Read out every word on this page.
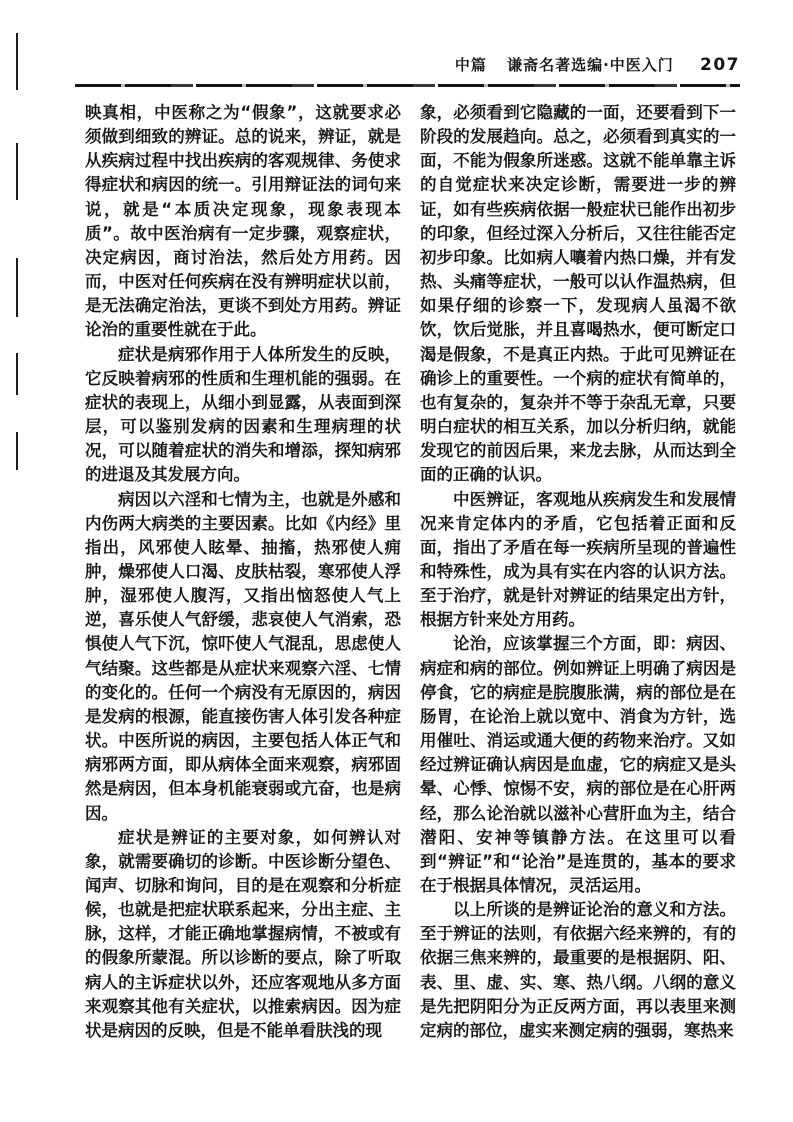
中篇 谦斋名著选编·中医入门 207

映真相，中医称之为“假象”，这就要求必须做到细致的辨证。总的说来，辨证，就是从疾病过程中找出疾病的客观规律、务使求得症状和病因的统一。引用辩证法的词句来说，就是“本质决定现象，现象表现本质”。故中医治病有一定步骤，观察症状，决定病因，商讨治法，然后处方用药。因而，中医对任何疾病在没有辨明症状以前，是无法确定治法，更谈不到处方用药。辨证论治的重要性就在于此。

症状是病邪作用于人体所发生的反映，它反映着病邪的性质和生理机能的强弱。在症状的表现上，从细小到显露，从表面到深层，可以鉴别发病的因素和生理病理的状况，可以随着症状的消失和增添，探知病邪的进退及其发展方向。

病因以六淫和七情为主，也就是外感和内伤两大病类的主要因素。比如《内经》里指出，风邪使人眩晕、抽搐，热邪使人痈肿，燥邪使人口渴、皮肤枯裂，寒邪使人浮肿，湿邪使人腹泻，又指出恼怒使人气上逆，喜乐使人气舒缓，悲哀使人气消索，恐惧使人气下沉，惊吓使人气混乱，思虑使人气结聚。这些都是从症状来观察六淫、七情的变化的。任何一个病没有无原因的，病因是发病的根源，能直接伤害人体引发各种症状。中医所说的病因，主要包括人体正气和病邪两方面，即从病体全面来观察，病邪固然是病因，但本身机能衰弱或亢奋，也是病因。

症状是辨证的主要对象，如何辨认对象，就需要确切的诊断。中医诊断分望色、闻声、切脉和询问，目的是在观察和分析症候，也就是把症状联系起来，分出主症、主脉，这样，才能正确地掌握病情，不被或有的假象所蒙混。所以诊断的要点，除了听取病人的主诉症状以外，还应客观地从多方面来观察其他有关症状，以推索病因。因为症状是病因的反映，但是不能单看肤浅的现

象，必须看到它隐藏的一面，还要看到下一阶段的发展趋向。总之，必须看到真实的一面，不能为假象所迷惑。这就不能单靠主诉的自觉症状来决定诊断，需要进一步的辨证，如有些疾病依据一般症状已能作出初步的印象，但经过深入分析后，又往往能否定初步印象。比如病人嚷着内热口燥，并有发热、头痛等症状，一般可以认作温热病，但如果仔细的诊察一下，发现病人虽渴不欲饮，饮后觉胀，并且喜喝热水，便可断定口渴是假象，不是真正内热。于此可见辨证在确诊上的重要性。一个病的症状有简单的，也有复杂的，复杂并不等于杂乱无章，只要明白症状的相互关系，加以分析归纳，就能发现它的前因后果，来龙去脉，从而达到全面的正确的认识。

中医辨证，客观地从疾病发生和发展情况来肯定体内的矛盾，它包括着正面和反面，指出了矛盾在每一疾病所呈现的普遍性和特殊性，成为具有实在内容的认识方法。至于治疗，就是针对辨证的结果定出方针，根据方针来处方用药。

论治，应该掌握三个方面，即：病因、病症和病的部位。例如辨证上明确了病因是停食，它的病症是脘腹胀满，病的部位是在肠胃，在论治上就以宽中、消食为方针，选用催吐、消运或通大便的药物来治疗。又如经过辨证确认病因是血虚，它的病症又是头晕、心悸、惊惕不安，病的部位是在心肝两经，那么论治就以滋补心营肝血为主，结合潜阳、安神等镇静方法。在这里可以看到“辨证”和“论治”是连贯的，基本的要求在于根据具体情况，灵活运用。

以上所谈的是辨证论治的意义和方法。至于辨证的法则，有依据六经来辨的，有的依据三焦来辨的，最重要的是根据阴、阳、表、里、虚、实、寒、热八纲。八纲的意义是先把阴阳分为正反两方面，再以表里来测定病的部位，虚实来测定病的强弱，寒热来
